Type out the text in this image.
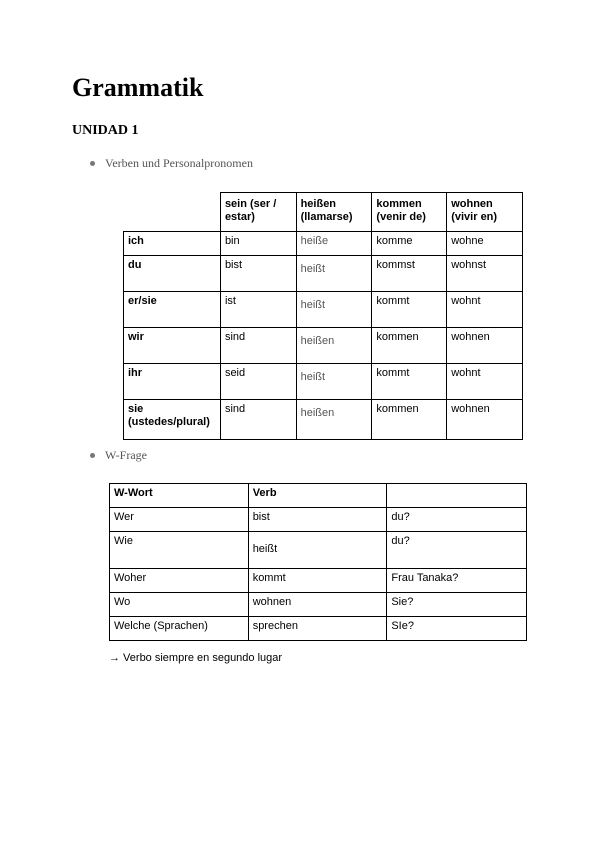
Grammatik
UNIDAD 1

Verben und Personalpronomen

	sein (ser / estar)	heißen (llamarse)	kommen (venir de)	wohnen (vivir en)
ich	bin	heiße	komme	wohne
du	bist	heißt	kommst	wohnst
er/sie	ist	heißt	kommt	wohnt
wir	sind	heißen	kommen	wohnen
ihr	seid	heißt	kommt	wohnt
sie (ustedes/plural)	sind	heißen	kommen	wohnen

W-Frage

W-Wort	Verb	
Wer	bist	du?
Wie	heißt	du?
Woher	kommt	Frau Tanaka?
Wo	wohnen	Sie?
Welche (Sprachen)	sprechen	SIe?

→ Verbo siempre en segundo lugar
